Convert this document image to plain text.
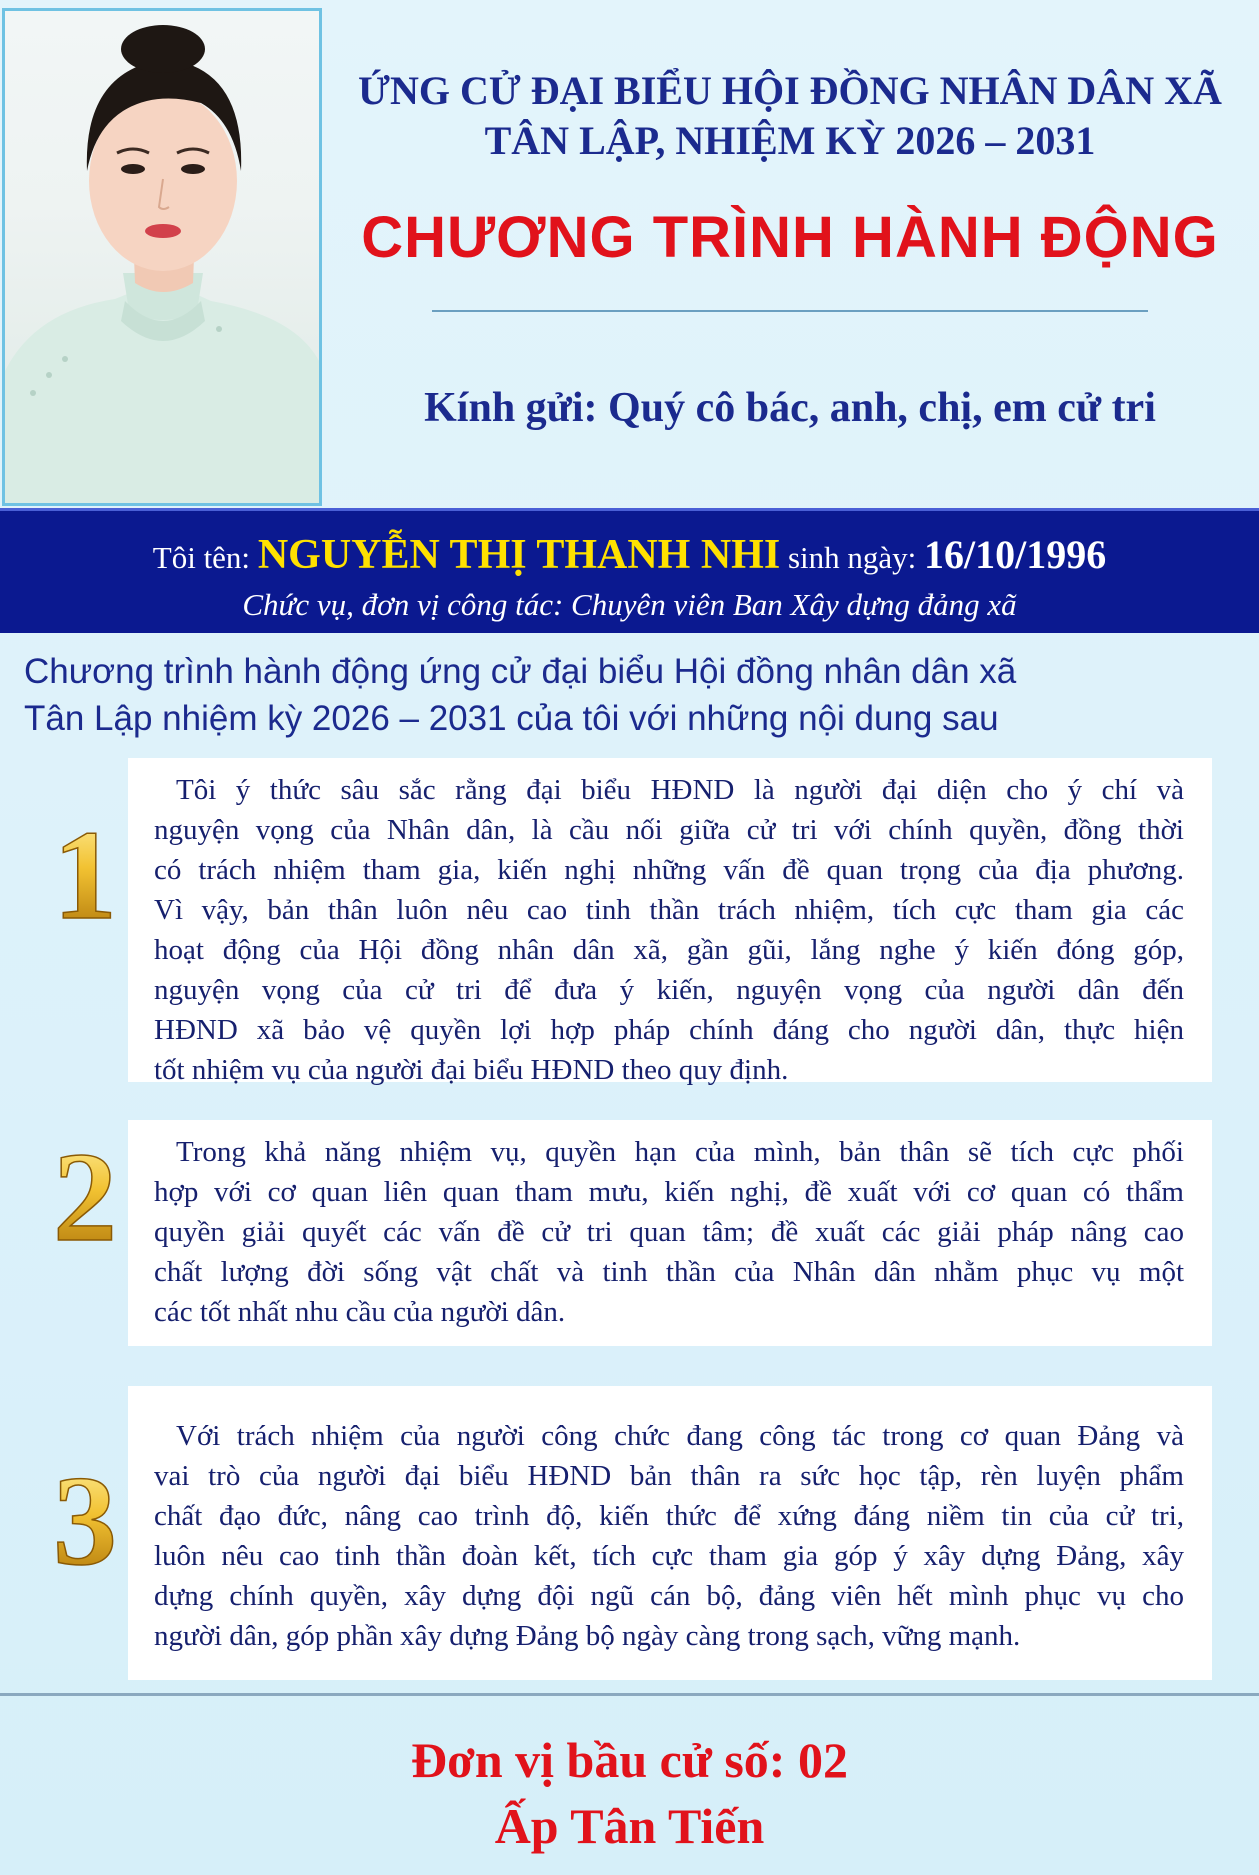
ỨNG CỬ ĐẠI BIỂU HỘI ĐỒNG NHÂN DÂN XÃ
TÂN LẬP, NHIỆM KỲ 2026 – 2031
CHƯƠNG TRÌNH HÀNH ĐỘNG
Kính gửi: Quý cô bác, anh, chị, em cử tri
Tôi tên: NGUYỄN THỊ THANH NHI sinh ngày: 16/10/1996
Chức vụ, đơn vị công tác: Chuyên viên Ban Xây dựng đảng xã
Chương trình hành động ứng cử đại biểu Hội đồng nhân dân xã
Tân Lập nhiệm kỳ 2026 – 2031 của tôi với những nội dung sau
1

Tôi ý thức sâu sắc rằng đại biểu HĐND là người đại diện cho ý chí và

nguyện vọng của Nhân dân, là cầu nối giữa cử tri với chính quyền, đồng thời
có trách nhiệm tham gia, kiến nghị những vấn đề quan trọng của địa phương.
Vì vậy, bản thân luôn nêu cao tinh thần trách nhiệm, tích cực tham gia các
hoạt động của Hội đồng nhân dân xã, gần gũi, lắng nghe ý kiến đóng góp,
nguyện vọng của cử tri để đưa ý kiến, nguyện vọng của người dân đến
HĐND xã bảo vệ quyền lợi hợp pháp chính đáng cho người dân, thực hiện
tốt nhiệm vụ của người đại biểu HĐND theo quy định.
2	Trong khả năng nhiệm vụ, quyền hạn của mình, bản thân sẽ tích cực phối

hợp với cơ quan liên quan tham mưu, kiến nghị, đề xuất với cơ quan có thẩm
quyền giải quyết các vấn đề cử tri quan tâm; đề xuất các giải pháp nâng cao
chất lượng đời sống vật chất và tinh thần của Nhân dân nhằm phục vụ một
các tốt nhất nhu cầu của người dân.
3

Với trách nhiệm của người công chức đang công tác trong cơ quan Đảng và

vai trò của người đại biểu HĐND bản thân ra sức học tập, rèn luyện phẩm
chất đạo đức, nâng cao trình độ, kiến thức để xứng đáng niềm tin của cử tri,
luôn nêu cao tinh thần đoàn kết, tích cực tham gia góp ý xây dựng Đảng, xây
dựng chính quyền, xây dựng đội ngũ cán bộ, đảng viên hết mình phục vụ cho
người dân, góp phần xây dựng Đảng bộ ngày càng trong sạch, vững mạnh.
Đơn vị bầu cử số: 02
Ấp Tân Tiến
